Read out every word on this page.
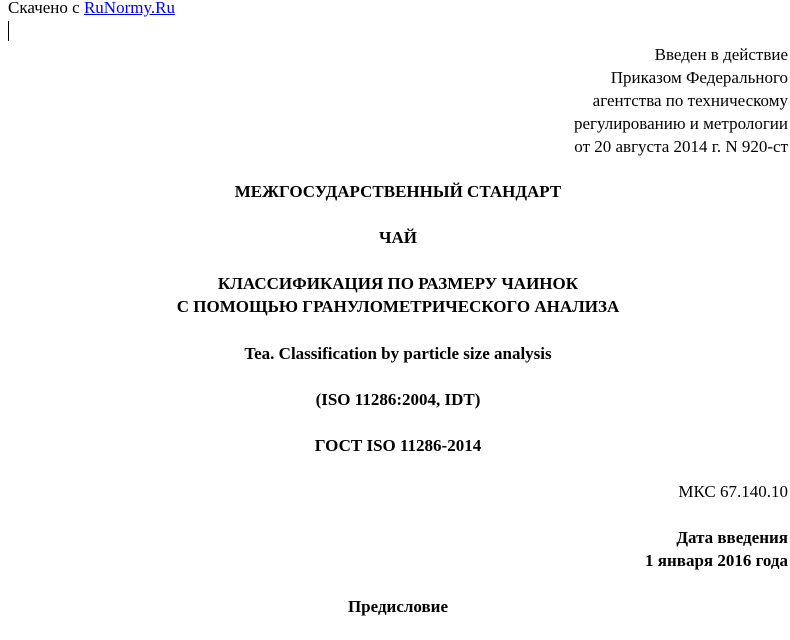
Скачено с RuNormy.Ru
Введен в действие
Приказом Федерального
агентства по техническому
регулированию и метрологии
от 20 августа 2014 г. N 920-ст
МЕЖГОСУДАРСТВЕННЫЙ СТАНДАРТ
ЧАЙ
КЛАССИФИКАЦИЯ ПО РАЗМЕРУ ЧАИНОК
С ПОМОЩЬЮ ГРАНУЛОМЕТРИЧЕСКОГО АНАЛИЗА
Tea. Classification by particle size analysis
(ISO 11286:2004, IDT)
ГОСТ ISO 11286-2014
МКС 67.140.10
Дата введения
1 января 2016 года
Предисловие
